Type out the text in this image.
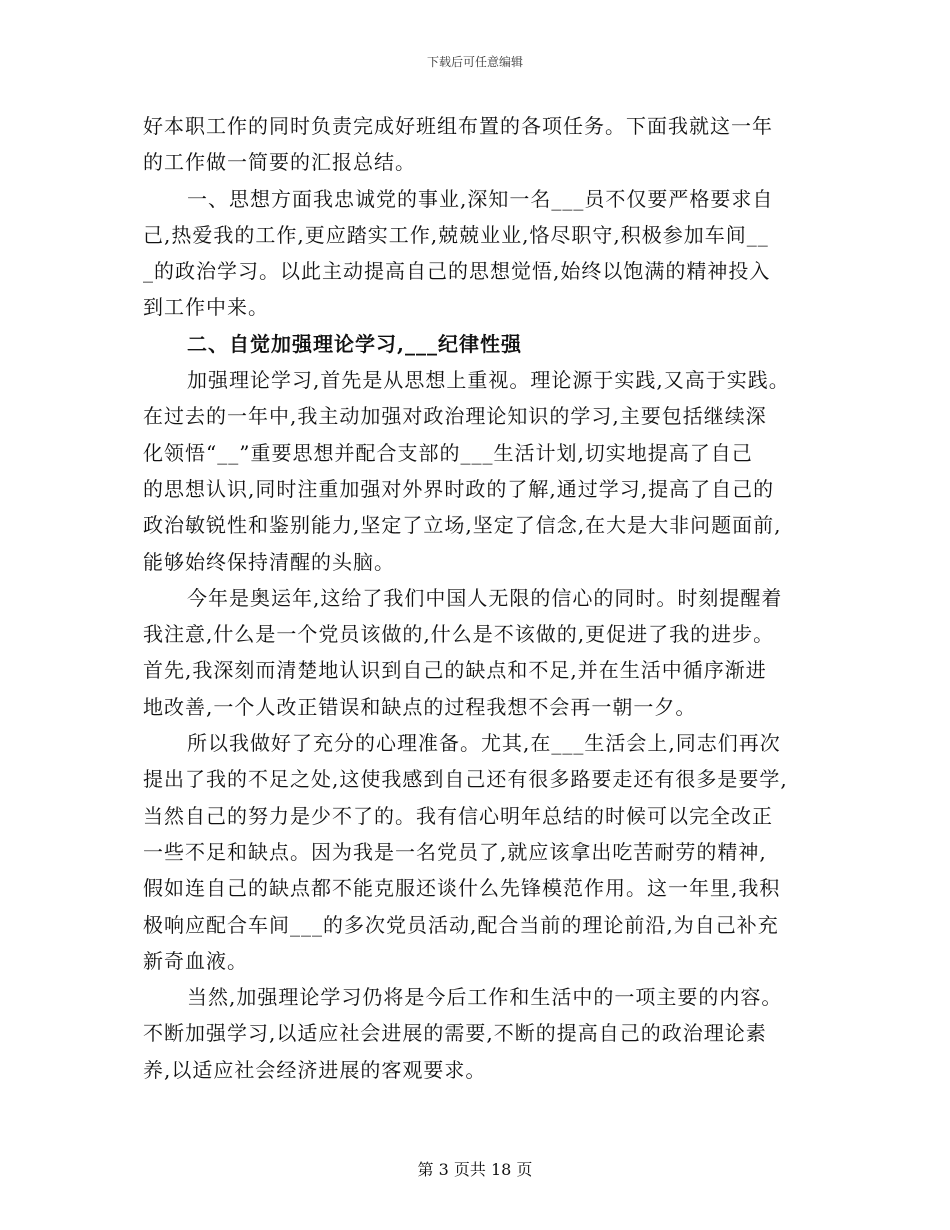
下载后可任意编辑
好本职工作的同时负责完成好班组布置的各项任务。下面我就这一年
的工作做一简要的汇报总结。
一、思想方面我忠诚党的事业,深知一名___员不仅要严格要求自
己,热爱我的工作,更应踏实工作,兢兢业业,恪尽职守,积极参加车间__
_的政治学习。以此主动提高自己的思想觉悟,始终以饱满的精神投入
到工作中来。
二、自觉加强理论学习,___纪律性强
加强理论学习,首先是从思想上重视。理论源于实践,又高于实践。
在过去的一年中,我主动加强对政治理论知识的学习,主要包括继续深
化领悟“__”重要思想并配合支部的___生活计划,切实地提高了自己
的思想认识,同时注重加强对外界时政的了解,通过学习,提高了自己的
政治敏锐性和鉴别能力,坚定了立场,坚定了信念,在大是大非问题面前,
能够始终保持清醒的头脑。
今年是奥运年,这给了我们中国人无限的信心的同时。时刻提醒着
我注意,什么是一个党员该做的,什么是不该做的,更促进了我的进步。
首先,我深刻而清楚地认识到自己的缺点和不足,并在生活中循序渐进
地改善,一个人改正错误和缺点的过程我想不会再一朝一夕。
所以我做好了充分的心理准备。尤其,在___生活会上,同志们再次
提出了我的不足之处,这使我感到自己还有很多路要走还有很多是要学,
当然自己的努力是少不了的。我有信心明年总结的时候可以完全改正
一些不足和缺点。因为我是一名党员了,就应该拿出吃苦耐劳的精神,
假如连自己的缺点都不能克服还谈什么先锋模范作用。这一年里,我积
极响应配合车间___的多次党员活动,配合当前的理论前沿,为自己补充
新奇血液。
当然,加强理论学习仍将是今后工作和生活中的一项主要的内容。
不断加强学习,以适应社会进展的需要,不断的提高自己的政治理论素
养,以适应社会经济进展的客观要求。
第 3 页共 18 页
